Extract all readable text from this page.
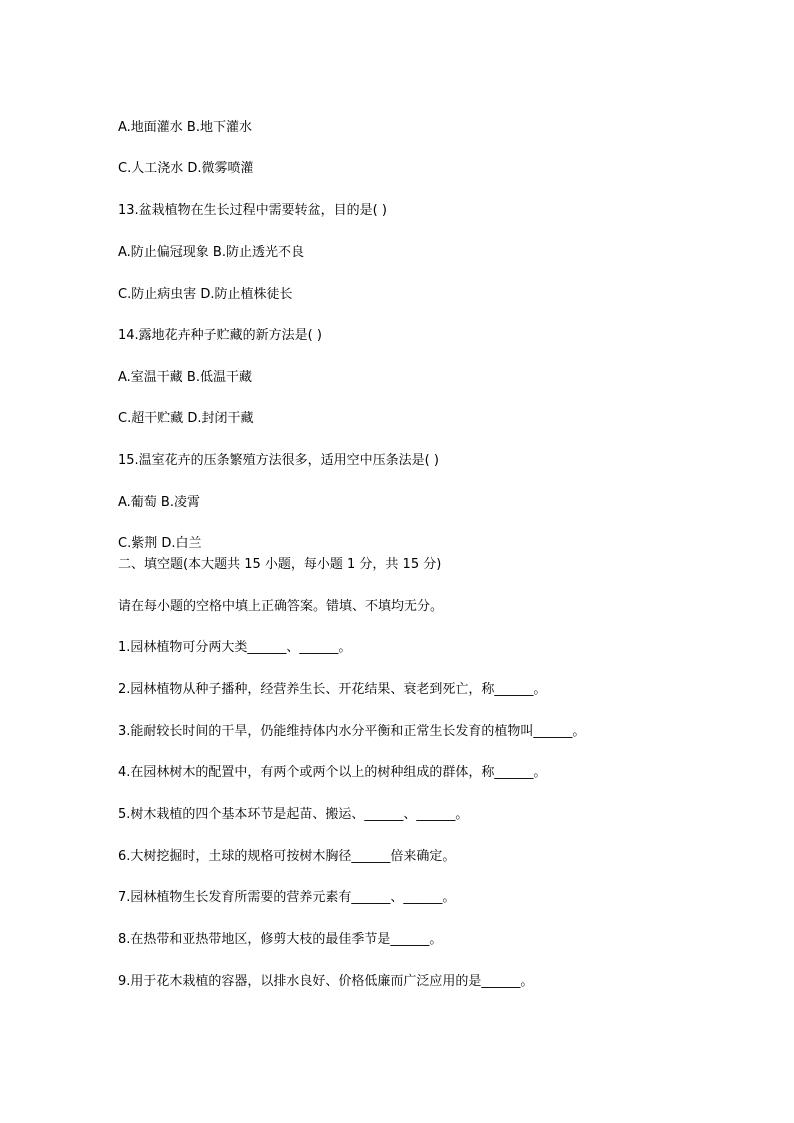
A.地面灌水 B.地下灌水
C.人工浇水 D.微雾喷灌
13.盆栽植物在生长过程中需要转盆，目的是( )
A.防止偏冠现象 B.防止透光不良
C.防止病虫害 D.防止植株徒长
14.露地花卉种子贮藏的新方法是( )
A.室温干藏 B.低温干藏
C.超干贮藏 D.封闭干藏
15.温室花卉的压条繁殖方法很多，适用空中压条法是( )
A.葡萄 B.凌霄
C.紫荆 D.白兰
二、填空题(本大题共 15 小题，每小题 1 分，共 15 分)
请在每小题的空格中填上正确答案。错填、不填均无分。
1.园林植物可分两大类______、______。
2.园林植物从种子播种，经营养生长、开花结果、衰老到死亡，称______。
3.能耐较长时间的干旱，仍能维持体内水分平衡和正常生长发育的植物叫______。
4.在园林树木的配置中，有两个或两个以上的树种组成的群体，称______。
5.树木栽植的四个基本环节是起苗、搬运、______、______。
6.大树挖掘时，土球的规格可按树木胸径______倍来确定。
7.园林植物生长发育所需要的营养元素有______、______。
8.在热带和亚热带地区，修剪大枝的最佳季节是______。
9.用于花木栽植的容器，以排水良好、价格低廉而广泛应用的是______。
